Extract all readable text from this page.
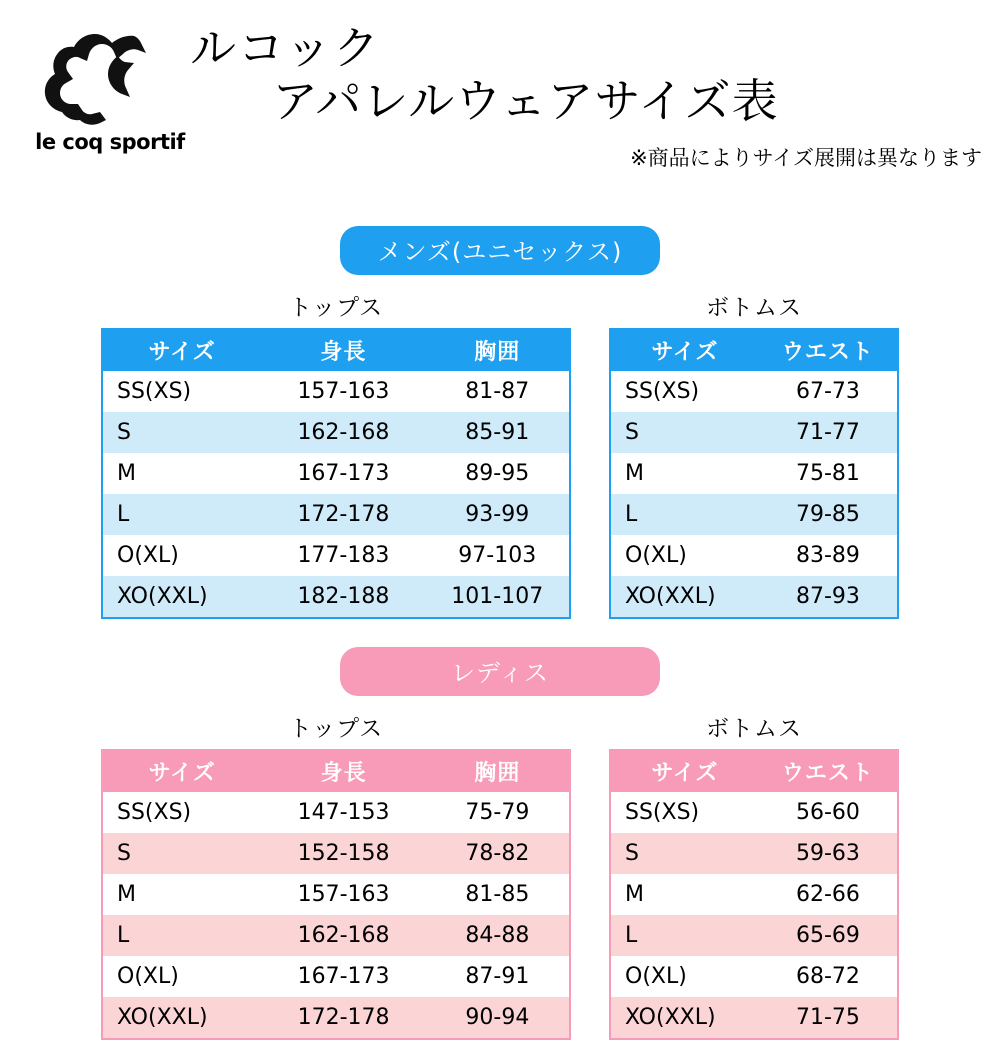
le coq sportif
ルコック
アパレルウェアサイズ表
※商品によりサイズ展開は異なります
メンズ(ユニセックス)
トップス
サイズ	身長	胸囲
SS(XS)	157-163	81-87
S	162-168	85-91
M	167-173	89-95
L	172-178	93-99
O(XL)	177-183	97-103
XO(XXL)	182-188	101-107
ボトムス
サイズ	ウエスト
SS(XS)	67-73
S	71-77
M	75-81
L	79-85
O(XL)	83-89
XO(XXL)	87-93
レディス
トップス
サイズ	身長	胸囲
SS(XS)	147-153	75-79
S	152-158	78-82
M	157-163	81-85
L	162-168	84-88
O(XL)	167-173	87-91
XO(XXL)	172-178	90-94
ボトムス
サイズ	ウエスト
SS(XS)	56-60
S	59-63
M	62-66
L	65-69
O(XL)	68-72
XO(XXL)	71-75
